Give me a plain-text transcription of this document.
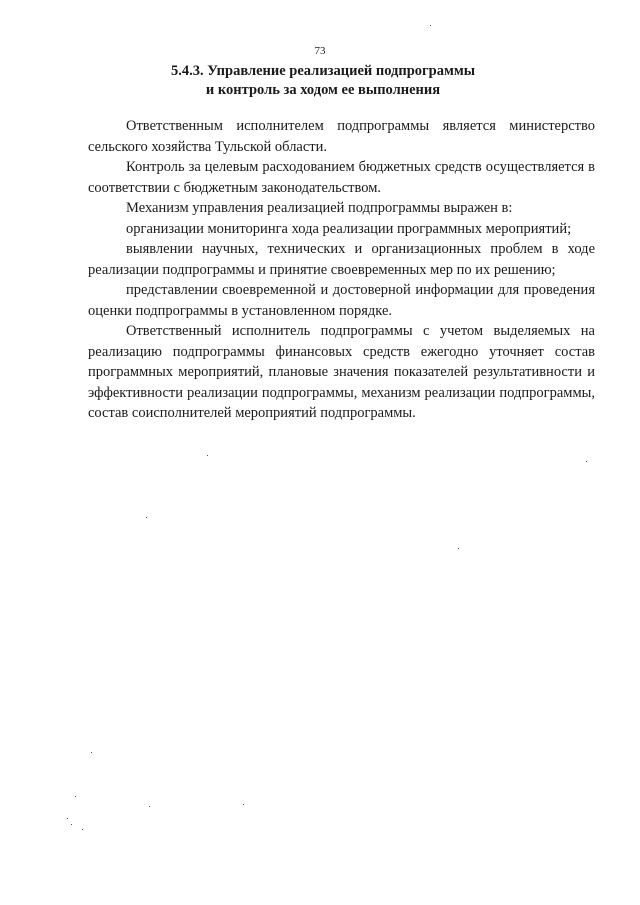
73
5.4.3. Управление реализацией подпрограммы
и контроль за ходом ее выполнения

Ответственным исполнителем подпрограммы является министерство сельского хозяйства Тульской области.

Контроль за целевым расходованием бюджетных средств осуществляется в соответствии с бюджетным законодательством.

Механизм управления реализацией подпрограммы выражен в:

организации мониторинга хода реализации программных мероприятий;

выявлении научных, технических и организационных проблем в ходе реализации подпрограммы и принятие своевременных мер по их решению;

представлении своевременной и достоверной информации для проведения оценки подпрограммы в установленном порядке.

Ответственный исполнитель подпрограммы с учетом выделяемых на реализацию подпрограммы финансовых средств ежегодно уточняет состав программных мероприятий, плановые значения показателей результативности и эффективности реализации подпрограммы, механизм реализации подпрограммы, состав соисполнителей мероприятий подпрограммы.
